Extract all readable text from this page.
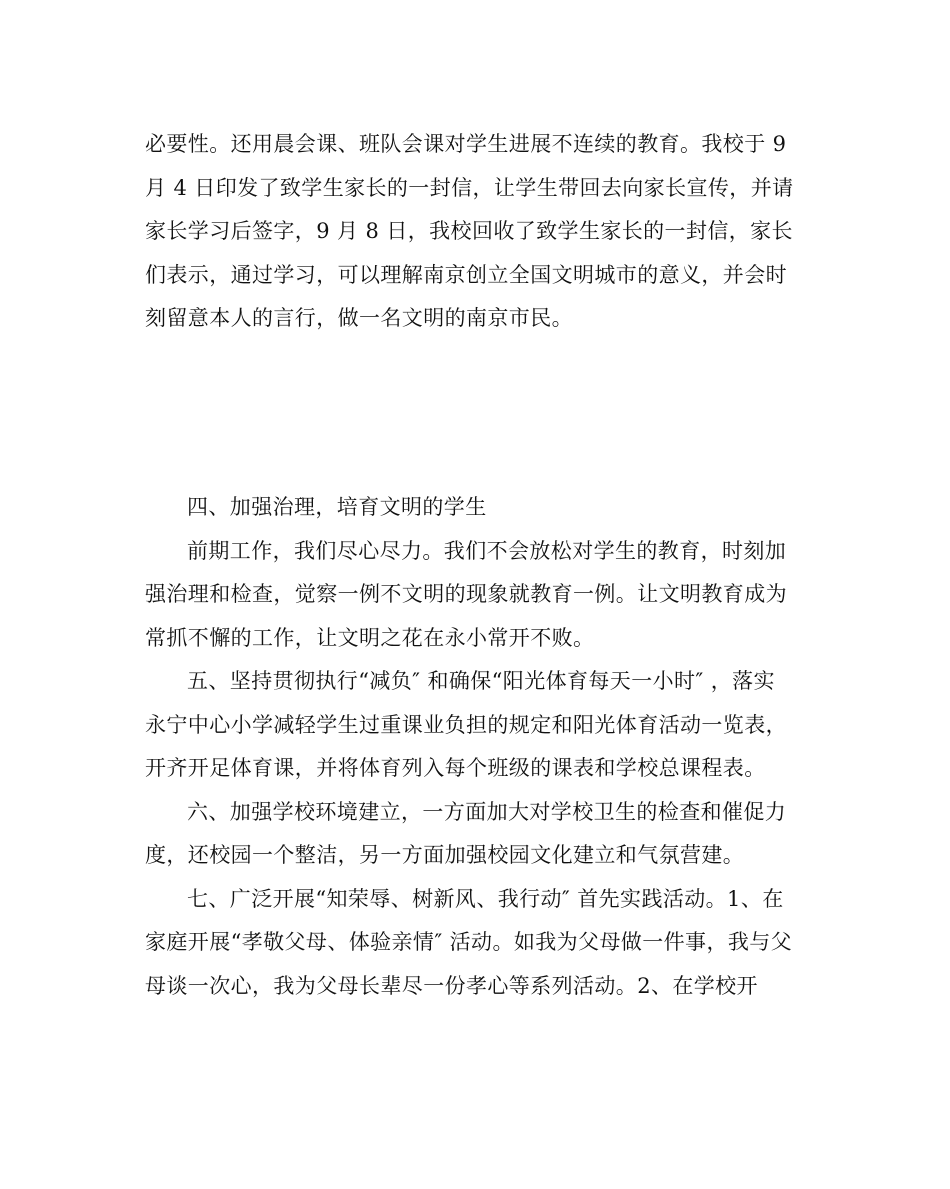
必要性。还用晨会课、班队会课对学生进展不连续的教育。我校于 9
月 4 日印发了致学生家长的一封信，让学生带回去向家长宣传，并请
家长学习后签字，9 月 8 日，我校回收了致学生家长的一封信，家长
们表示，通过学习，可以理解南京创立全国文明城市的意义，并会时
刻留意本人的言行，做一名文明的南京市民。
四、加强治理，培育文明的学生
前期工作，我们尽心尽力。我们不会放松对学生的教育，时刻加
强治理和检查，觉察一例不文明的现象就教育一例。让文明教育成为
常抓不懈的工作，让文明之花在永小常开不败。
五、坚持贯彻执行“减负″ 和确保“阳光体育每天一小时″ ，落实
永宁中心小学减轻学生过重课业负担的规定和阳光体育活动一览表，
开齐开足体育课，并将体育列入每个班级的课表和学校总课程表。
六、加强学校环境建立，一方面加大对学校卫生的检查和催促力
度，还校园一个整洁，另一方面加强校园文化建立和气氛营建。
七、广泛开展“知荣辱、树新风、我行动″ 首先实践活动。1、在
家庭开展“孝敬父母、体验亲情″ 活动。如我为父母做一件事，我与父
母谈一次心，我为父母长辈尽一份孝心等系列活动。2、在学校开
